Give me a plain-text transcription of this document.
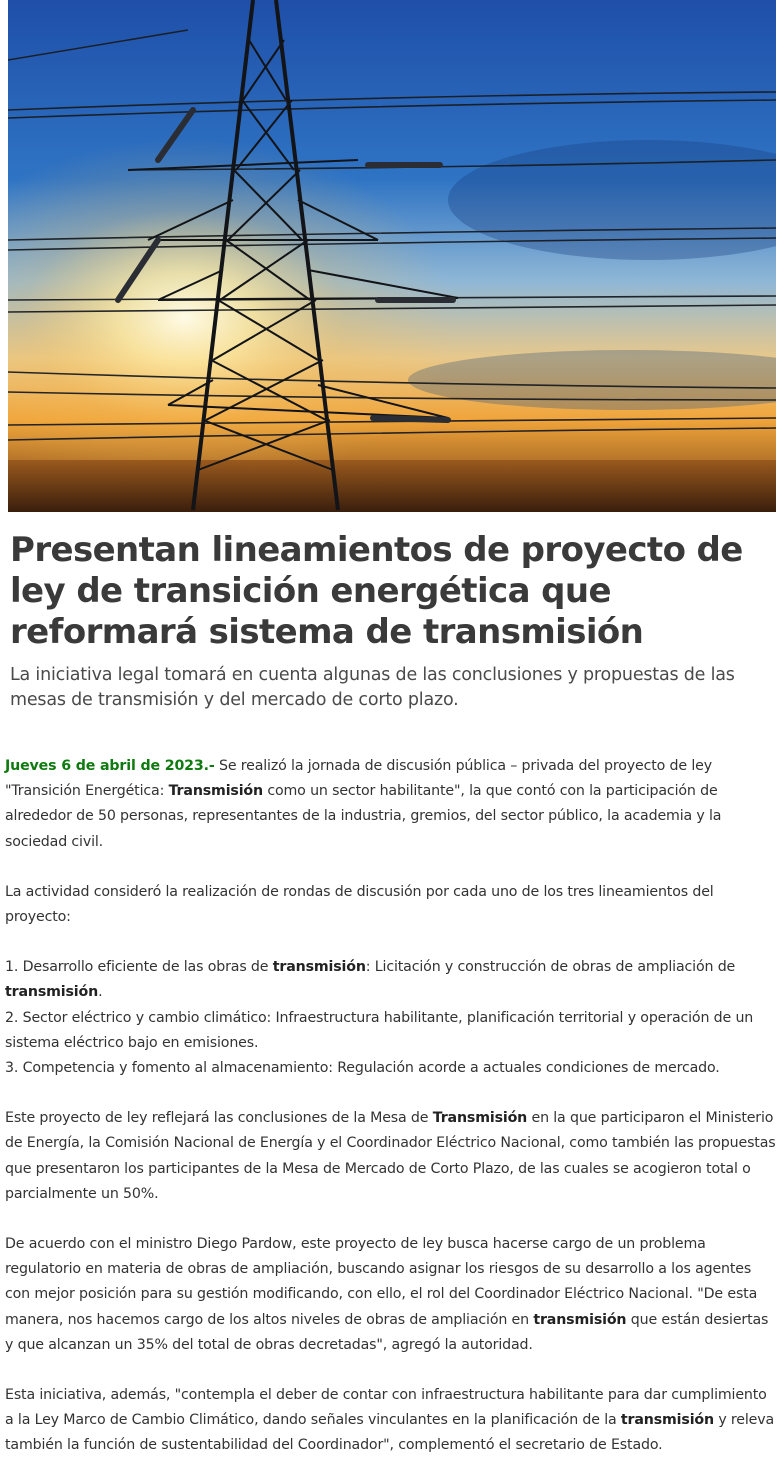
Presentan lineamientos de proyecto de ley de transición energética que reformará sistema de transmisión

La iniciativa legal tomará en cuenta algunas de las conclusiones y propuestas de las mesas de transmisión y del mercado de corto plazo.

Jueves 6 de abril de 2023.- Se realizó la jornada de discusión pública – privada del proyecto de ley "Transición Energética: Transmisión como un sector habilitante", la que contó con la participación de alrededor de 50 personas, representantes de la industria, gremios, del sector público, la academia y la sociedad civil.

La actividad consideró la realización de rondas de discusión por cada uno de los tres lineamientos del proyecto:

1. Desarrollo eficiente de las obras de transmisión: Licitación y construcción de obras de ampliación de transmisión.
2. Sector eléctrico y cambio climático: Infraestructura habilitante, planificación territorial y operación de un sistema eléctrico bajo en emisiones.
3. Competencia y fomento al almacenamiento: Regulación acorde a actuales condiciones de mercado.

Este proyecto de ley reflejará las conclusiones de la Mesa de Transmisión en la que participaron el Ministerio de Energía, la Comisión Nacional de Energía y el Coordinador Eléctrico Nacional, como también las propuestas que presentaron los participantes de la Mesa de Mercado de Corto Plazo, de las cuales se acogieron total o parcialmente un 50%.

De acuerdo con el ministro Diego Pardow, este proyecto de ley busca hacerse cargo de un problema regulatorio en materia de obras de ampliación, buscando asignar los riesgos de su desarrollo a los agentes con mejor posición para su gestión modificando, con ello, el rol del Coordinador Eléctrico Nacional. "De esta manera, nos hacemos cargo de los altos niveles de obras de ampliación en transmisión que están desiertas y que alcanzan un 35% del total de obras decretadas", agregó la autoridad.

Esta iniciativa, además, "contempla el deber de contar con infraestructura habilitante para dar cumplimiento a la Ley Marco de Cambio Climático, dando señales vinculantes en la planificación de la transmisión y releva también la función de sustentabilidad del Coordinador", complementó el secretario de Estado.
